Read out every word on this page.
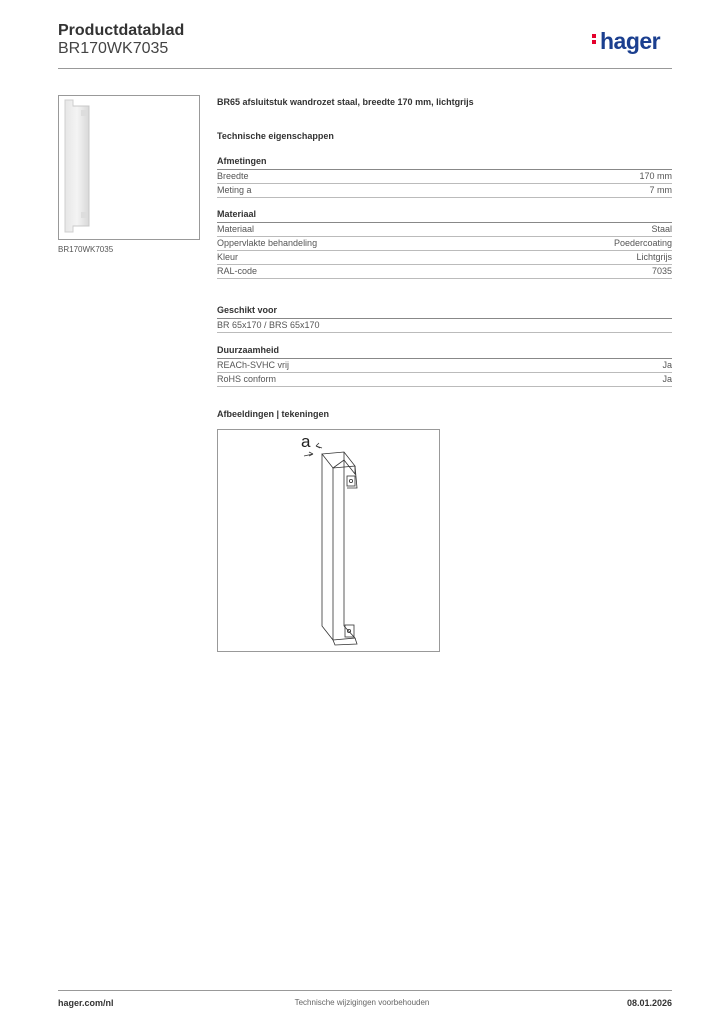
Productdatablad
BR170WK7035	hager
BR170WK7035
BR65 afsluitstuk wandrozet staal, breedte 170 mm, lichtgrijs
Technische eigenschappen
Afmetingen
Breedte	170 mm
Meting a	7 mm
Materiaal
Materiaal	Staal
Oppervlakte behandeling	Poedercoating
Kleur	Lichtgrijs
RAL-code	7035
Geschikt voor
BR 65x170 / BRS 65x170
Duurzaamheid
REACh-SVHC vrij	Ja
RoHS conform	Ja
Afbeeldingen | tekeningen
a
hager.com/nl	Technische wijzigingen voorbehouden	08.01.2026
